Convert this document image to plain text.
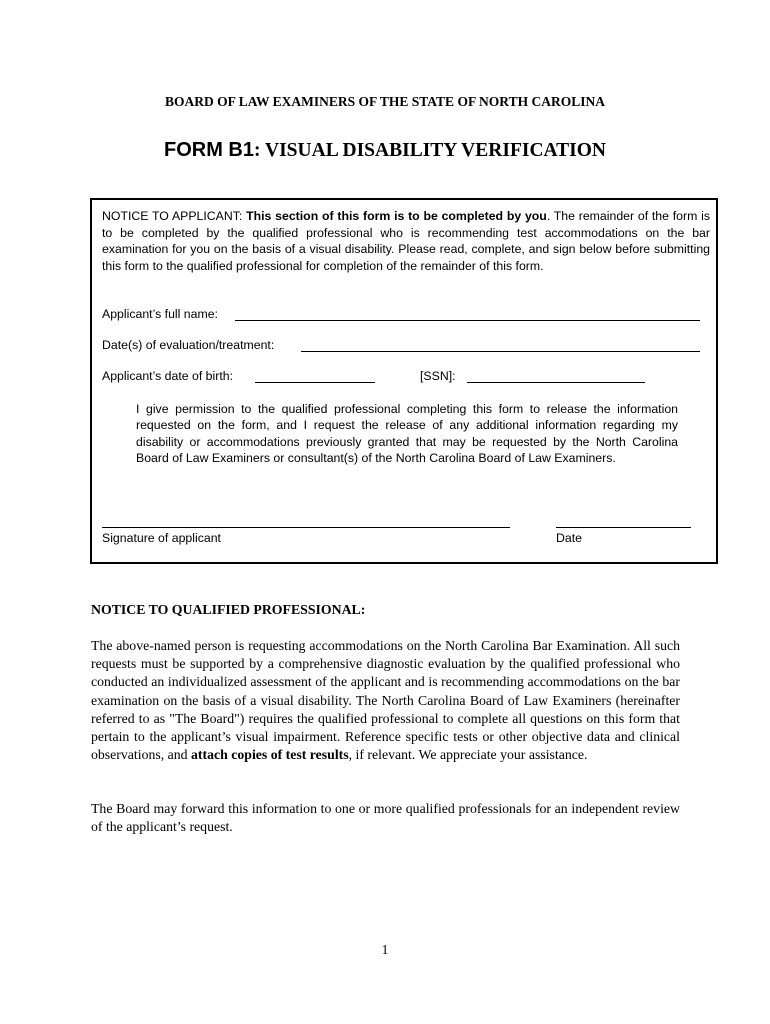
BOARD OF LAW EXAMINERS OF THE STATE OF NORTH CAROLINA
FORM B1: VISUAL DISABILITY VERIFICATION
NOTICE TO APPLICANT: This section of this form is to be completed by you. The remainder of the form is to be completed by the qualified professional who is recommending test accommodations on the bar examination for you on the basis of a visual disability. Please read, complete, and sign below before submitting this form to the qualified professional for completion of the remainder of this form.
Applicant’s full name:
Date(s) of evaluation/treatment:
Applicant’s date of birth:	[SSN]:
I give permission to the qualified professional completing this form to release the information requested on the form, and I request the release of any additional information regarding my disability or accommodations previously granted that may be requested by the North Carolina Board of Law Examiners or consultant(s) of the North Carolina Board of Law Examiners.
Signature of applicant	Date
NOTICE TO QUALIFIED PROFESSIONAL:
The above-named person is requesting accommodations on the North Carolina Bar Examination. All such requests must be supported by a comprehensive diagnostic evaluation by the qualified professional who conducted an individualized assessment of the applicant and is recommending accommodations on the bar examination on the basis of a visual disability. The North Carolina Board of Law Examiners (hereinafter referred to as "The Board") requires the qualified professional to complete all questions on this form that pertain to the applicant’s visual impairment. Reference specific tests or other objective data and clinical observations, and attach copies of test results, if relevant. We appreciate your assistance.
The Board may forward this information to one or more qualified professionals for an independent review of the applicant’s request.
1
